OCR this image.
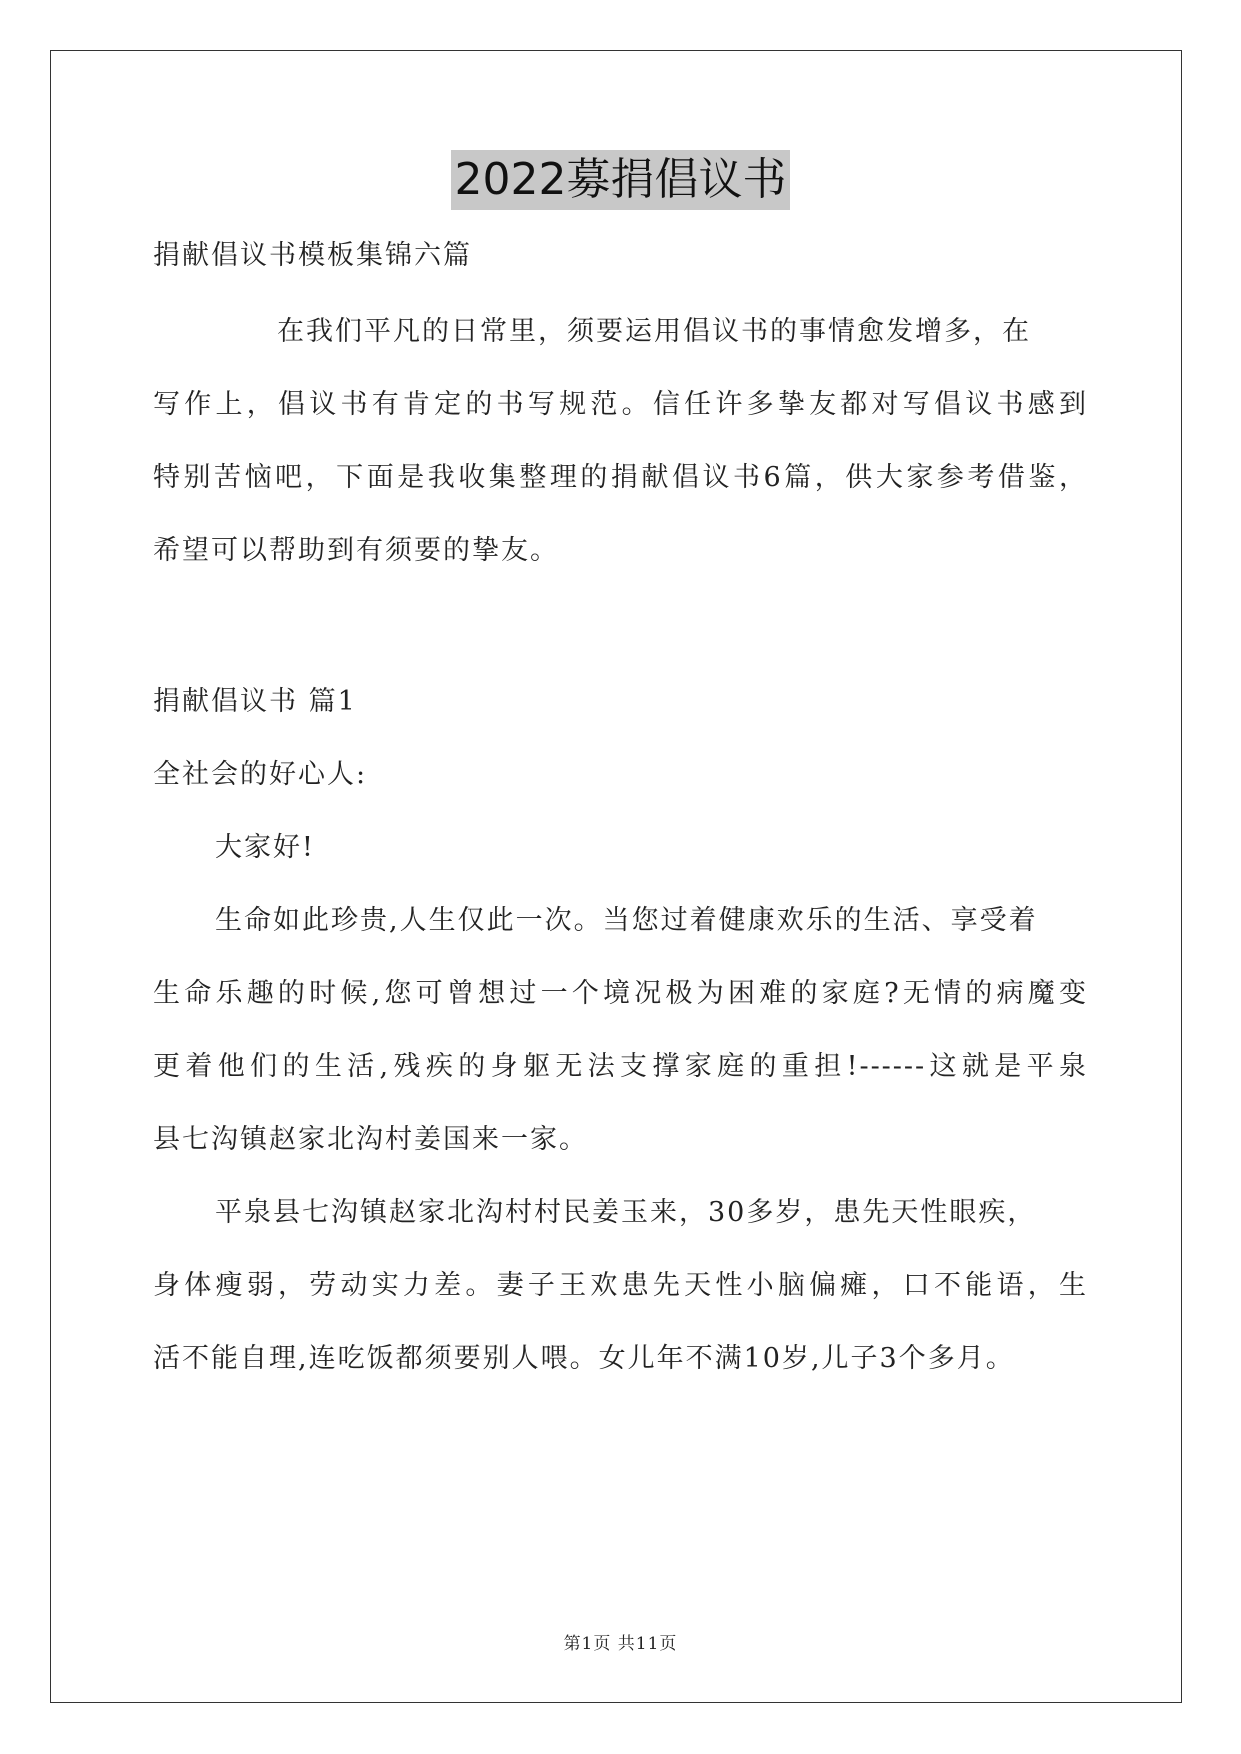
2022募捐倡议书
捐献倡议书模板集锦六篇
在我们平凡的日常里，须要运用倡议书的事情愈发增多，在
写作上，倡议书有肯定的书写规范。信任许多挚友都对写倡议书感到
特别苦恼吧，下面是我收集整理的捐献倡议书6篇，供大家参考借鉴，
希望可以帮助到有须要的挚友。
捐献倡议书 篇1
全社会的好心人:
大家好!
生命如此珍贵,人生仅此一次。当您过着健康欢乐的生活、享受着
生命乐趣的时候,您可曾想过一个境况极为困难的家庭?无情的病魔变
更着他们的生活,残疾的身躯无法支撑家庭的重担!------这就是平泉
县七沟镇赵家北沟村姜国来一家。
平泉县七沟镇赵家北沟村村民姜玉来，30多岁，患先天性眼疾，
身体瘦弱，劳动实力差。妻子王欢患先天性小脑偏瘫，口不能语，生
活不能自理,连吃饭都须要别人喂。女儿年不满10岁,儿子3个多月。
第1页 共11页
